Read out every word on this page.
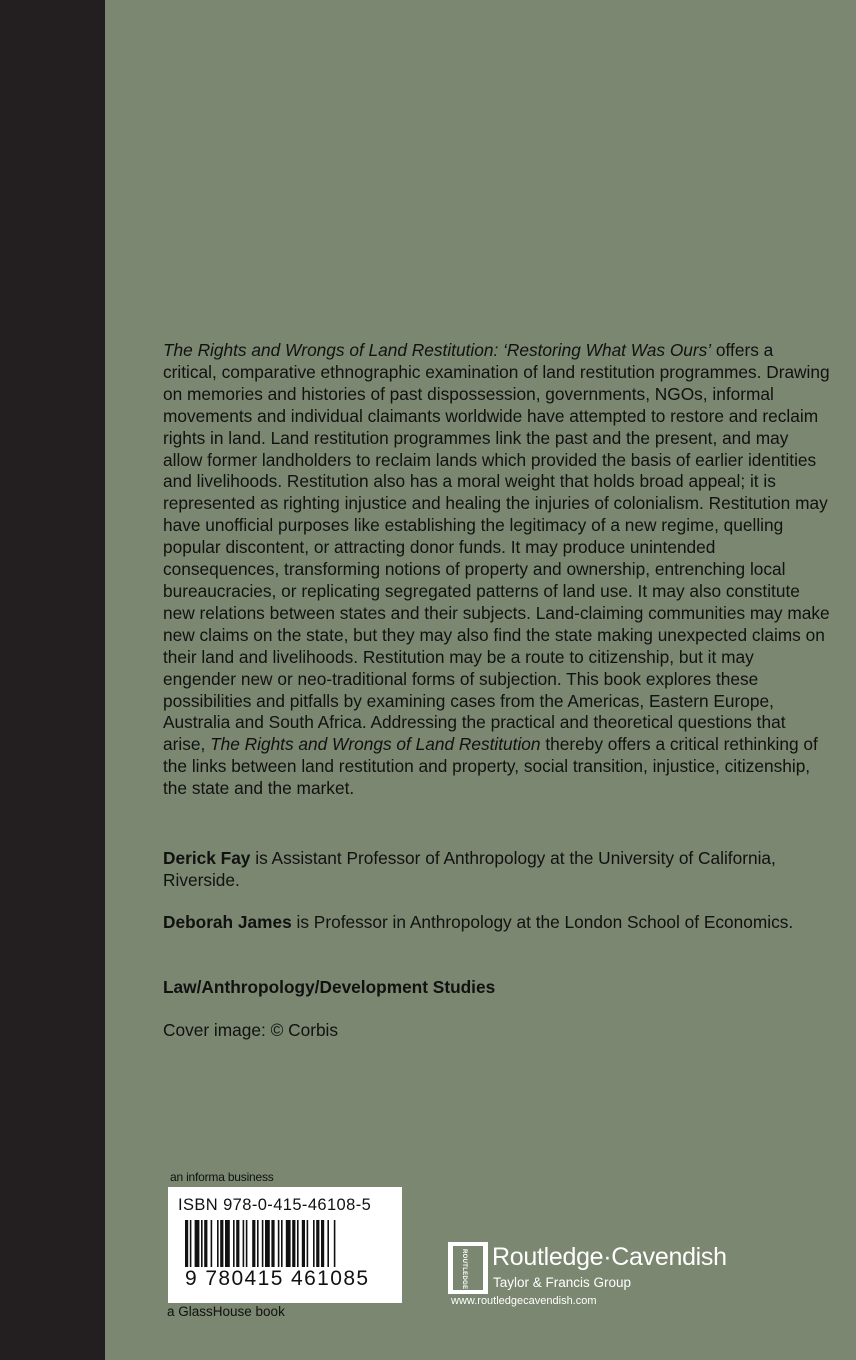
The Rights and Wrongs of Land Restitution: ‘Restoring What Was Ours’ offers a critical, comparative ethnographic examination of land restitution programmes. Drawing on memories and histories of past dispossession, governments, NGOs, informal movements and individual claimants worldwide have attempted to restore and reclaim rights in land. Land restitution programmes link the past and the present, and may allow former landholders to reclaim lands which provided the basis of earlier identities and livelihoods. Restitution also has a moral weight that holds broad appeal; it is represented as righting injustice and healing the injuries of colonialism. Restitution may have unofficial purposes like establishing the legitimacy of a new regime, quelling popular discontent, or attracting donor funds. It may produce unintended consequences, transforming notions of property and ownership, entrenching local bureaucracies, or replicating segregated patterns of land use. It may also constitute new relations between states and their subjects. Land-claiming communities may make new claims on the state, but they may also find the state making unexpected claims on their land and livelihoods. Restitution may be a route to citizenship, but it may engender new or neo-traditional forms of subjection. This book explores these possibilities and pitfalls by examining cases from the Americas, Eastern Europe, Australia and South Africa. Addressing the practical and theoretical questions that arise, The Rights and Wrongs of Land Restitution thereby offers a critical rethinking of the links between land restitution and property, social transition, injustice, citizenship, the state and the market.

Derick Fay is Assistant Professor of Anthropology at the University of California, Riverside.

Deborah James is Professor in Anthropology at the London School of Economics.

Law/Anthropology/Development Studies

Cover image: © Corbis

an informa business
ISBN 978-0-415-46108-5
9 780415 461085
a GlassHouse book
ROUTLEDGE Routledge·Cavendish
Taylor & Francis Group
www.routledgecavendish.com
